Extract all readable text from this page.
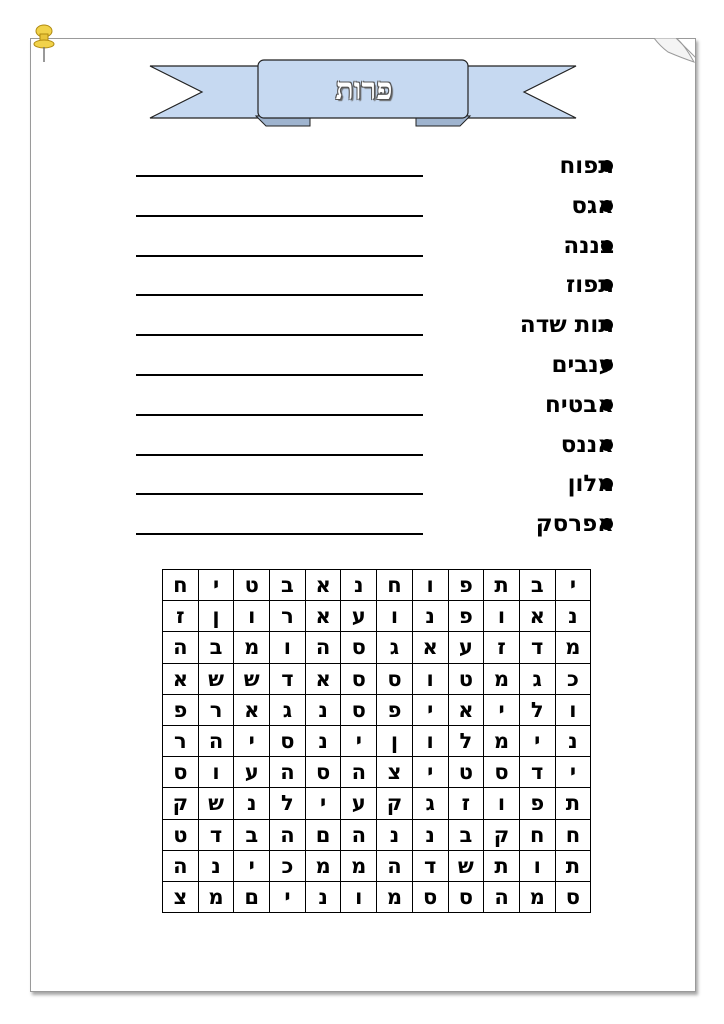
פרות
תפוח
אגס
בננה
תפוז
תות שדה
ענבים
אבטיח
אננס
מלון
אפרסק
י	ב	ת	פ	ו	ח	נ	א	ב	ט	י	ח
נ	א	ו	פ	נ	ו	ע	א	ר	ו	ן	ז
מ	ד	ז	ע	א	ג	ס	ה	ו	מ	ב	ה
כ	ג	מ	ט	ו	ס	ס	א	ד	ש	ש	א
ו	ל	י	א	י	פ	ס	נ	ג	א	ר	פ
נ	י	מ	ל	ו	ן	י	נ	ס	י	ה	ר
י	ד	ס	ט	י	צ	ה	ס	ה	ע	ו	ס
ת	פ	ו	ז	ג	ק	ע	י	ל	נ	ש	ק
ח	ח	ק	ב	נ	נ	ה	ם	ה	ב	ד	ט
ת	ו	ת	ש	ד	ה	מ	מ	כ	י	נ	ה
ס	מ	ה	ס	ס	מ	ו	נ	י	ם	מ	צ
